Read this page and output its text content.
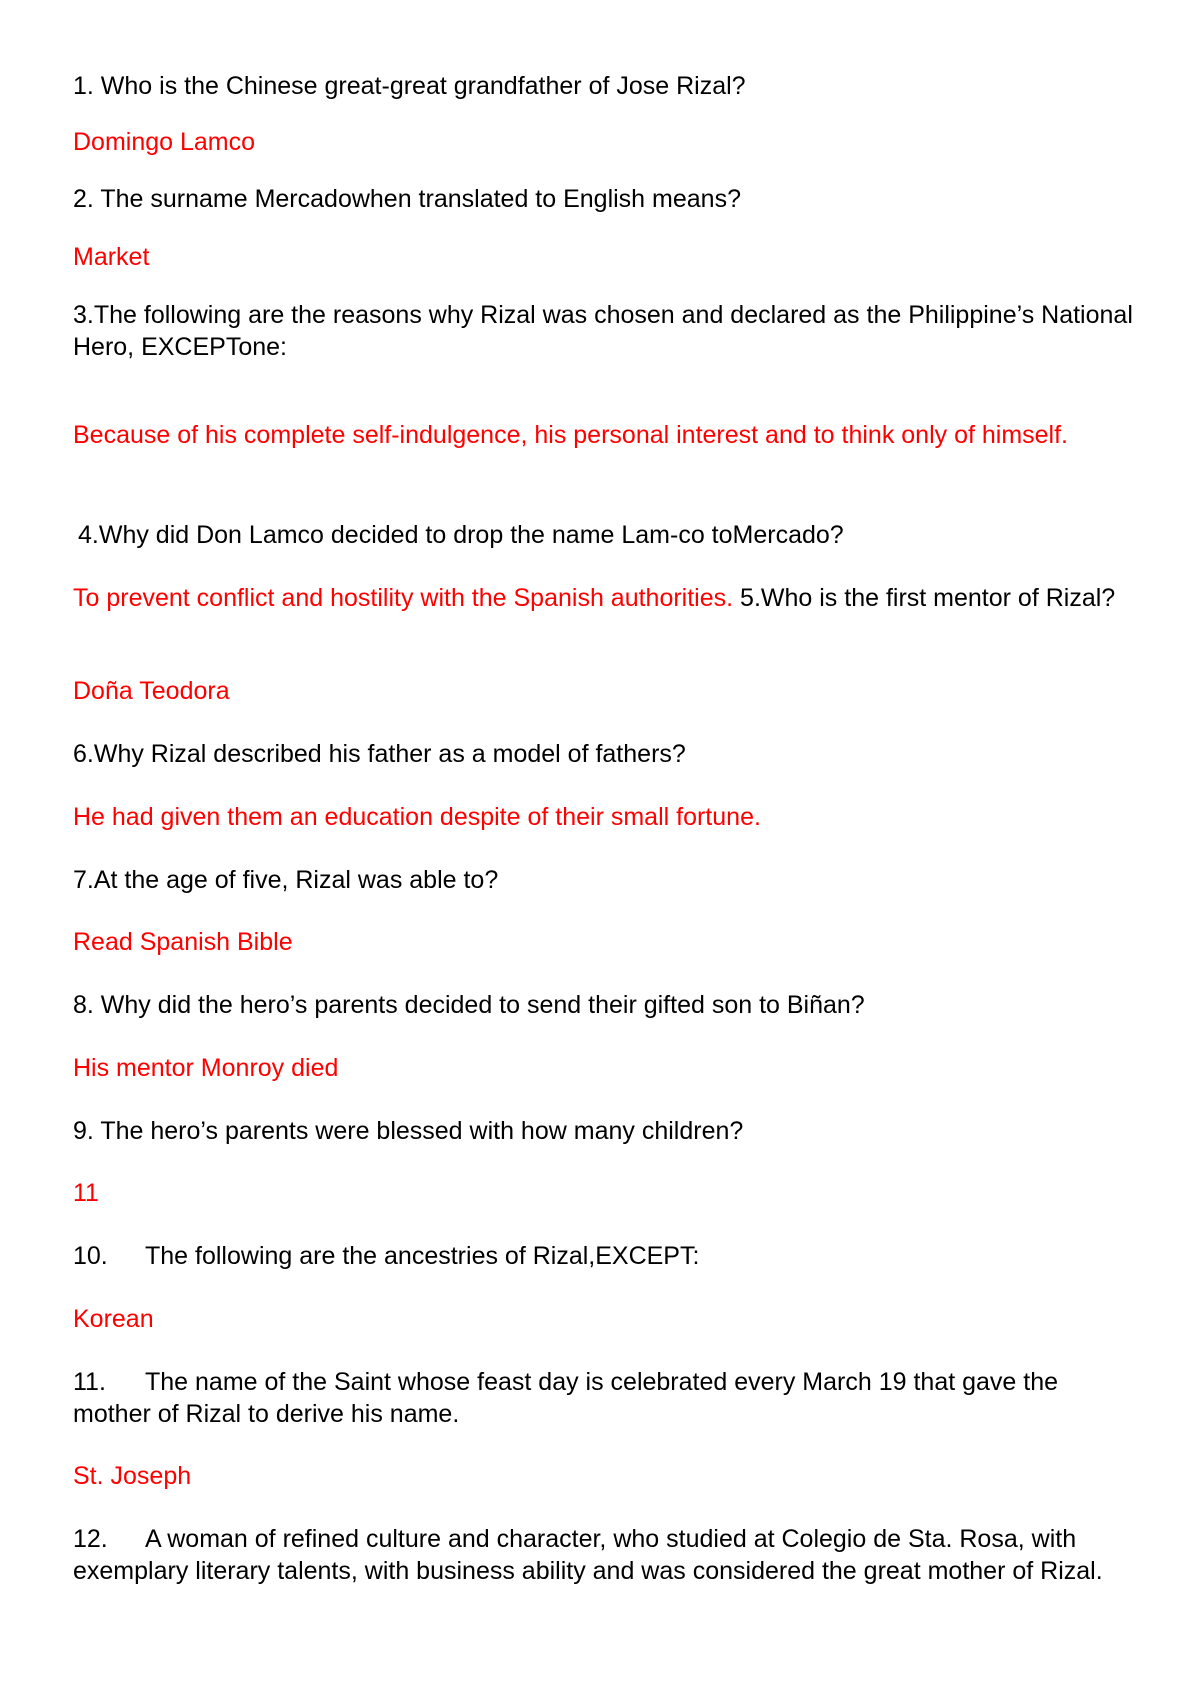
1. Who is the Chinese great-great grandfather of Jose Rizal?

Domingo Lamco

2. The surname Mercadowhen translated to English means?

Market

3.The following are the reasons why Rizal was chosen and declared as the Philippine’s National Hero, EXCEPTone:

Because of his complete self-indulgence, his personal interest and to think only of himself.

4.Why did Don Lamco decided to drop the name Lam-co toMercado?

To prevent conflict and hostility with the Spanish authorities. 5.Who is the first mentor of Rizal?

Doña Teodora

6.Why Rizal described his father as a model of fathers?

He had given them an education despite of their small fortune.

7.At the age of five, Rizal was able to?

Read Spanish Bible

8. Why did the hero’s parents decided to send their gifted son to Biñan?

His mentor Monroy died

9. The hero’s parents were blessed with how many children?

11

10. The following are the ancestries of Rizal,EXCEPT:

Korean

11. The name of the Saint whose feast day is celebrated every March 19 that gave the mother of Rizal to derive his name.

St. Joseph

12. A woman of refined culture and character, who studied at Colegio de Sta. Rosa, with exemplary literary talents, with business ability and was considered the great mother of Rizal.
